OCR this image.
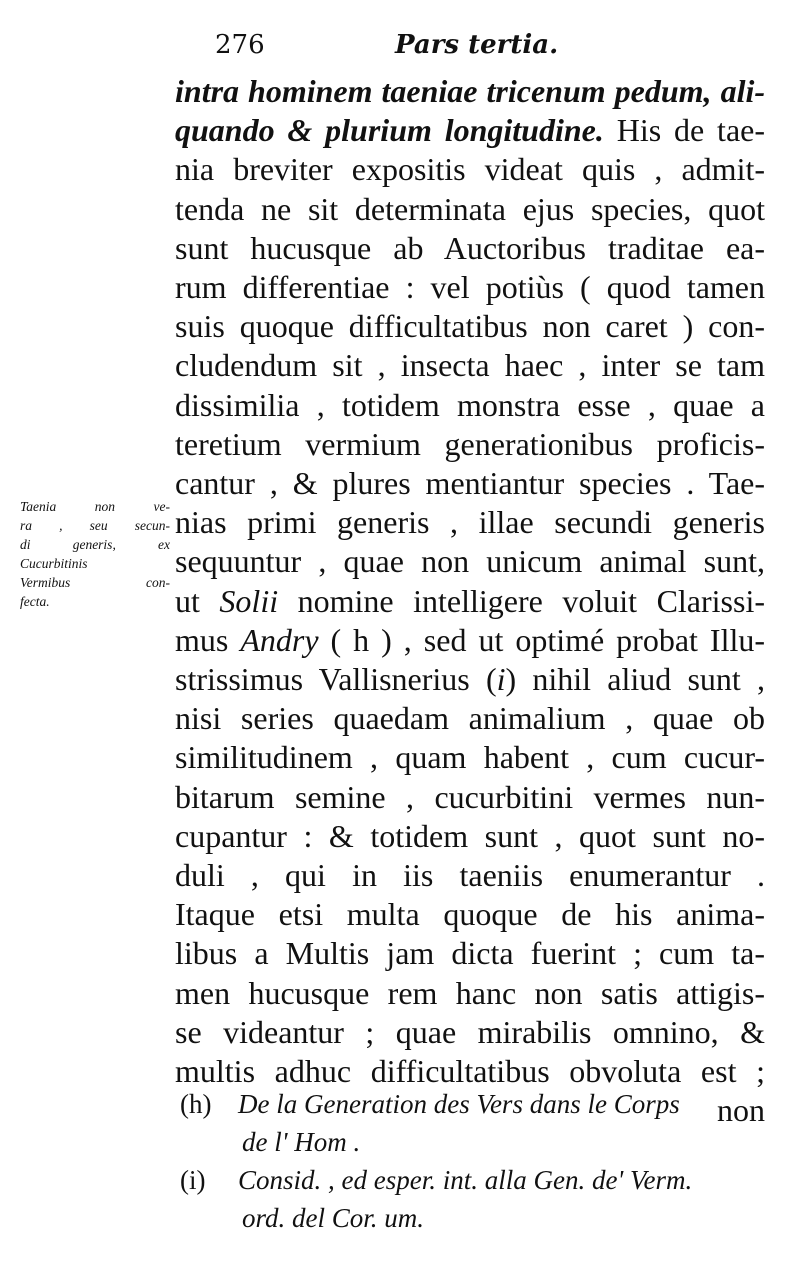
276	Pars tertia.
Taenia non ve-
ra , seu secun-
di generis, ex
Cucurbitinis
Vermibus con-
fecta.
intra hominem taeniae tricenum pedum, ali-
quando & plurium longitudine. His de tae-
nia breviter expositis videat quis , admit-
tenda ne sit determinata ejus species, quot
sunt hucusque ab Auctoribus traditae ea-
rum differentiae : vel potiùs ( quod tamen
suis quoque difficultatibus non caret ) con-
cludendum sit , insecta haec , inter se tam
dissimilia , totidem monstra esse , quae a
teretium vermium generationibus proficis-
cantur , & plures mentiantur species . Tae-
nias primi generis , illae secundi generis
sequuntur , quae non unicum animal sunt,
ut Solii nomine intelligere voluit Clarissi-
mus Andry ( h ) , sed ut optimé probat Illu-
strissimus Vallisnerius (i) nihil aliud sunt ,
nisi series quaedam animalium , quae ob
similitudinem , quam habent , cum cucur-
bitarum semine , cucurbitini vermes nun-
cupantur : & totidem sunt , quot sunt no-
duli , qui in iis taeniis enumerantur .
Itaque etsi multa quoque de his anima-
libus a Multis jam dicta fuerint ; cum ta-
men hucusque rem hanc non satis attigis-
se videantur ; quae mirabilis omnino, &
multis adhuc difficultatibus obvoluta est ;
non
(h) De la Generation des Vers dans le Corps
de l' Hom .
(i) Consid. , ed esper. int. alla Gen. de' Verm.
ord. del Cor. um.
